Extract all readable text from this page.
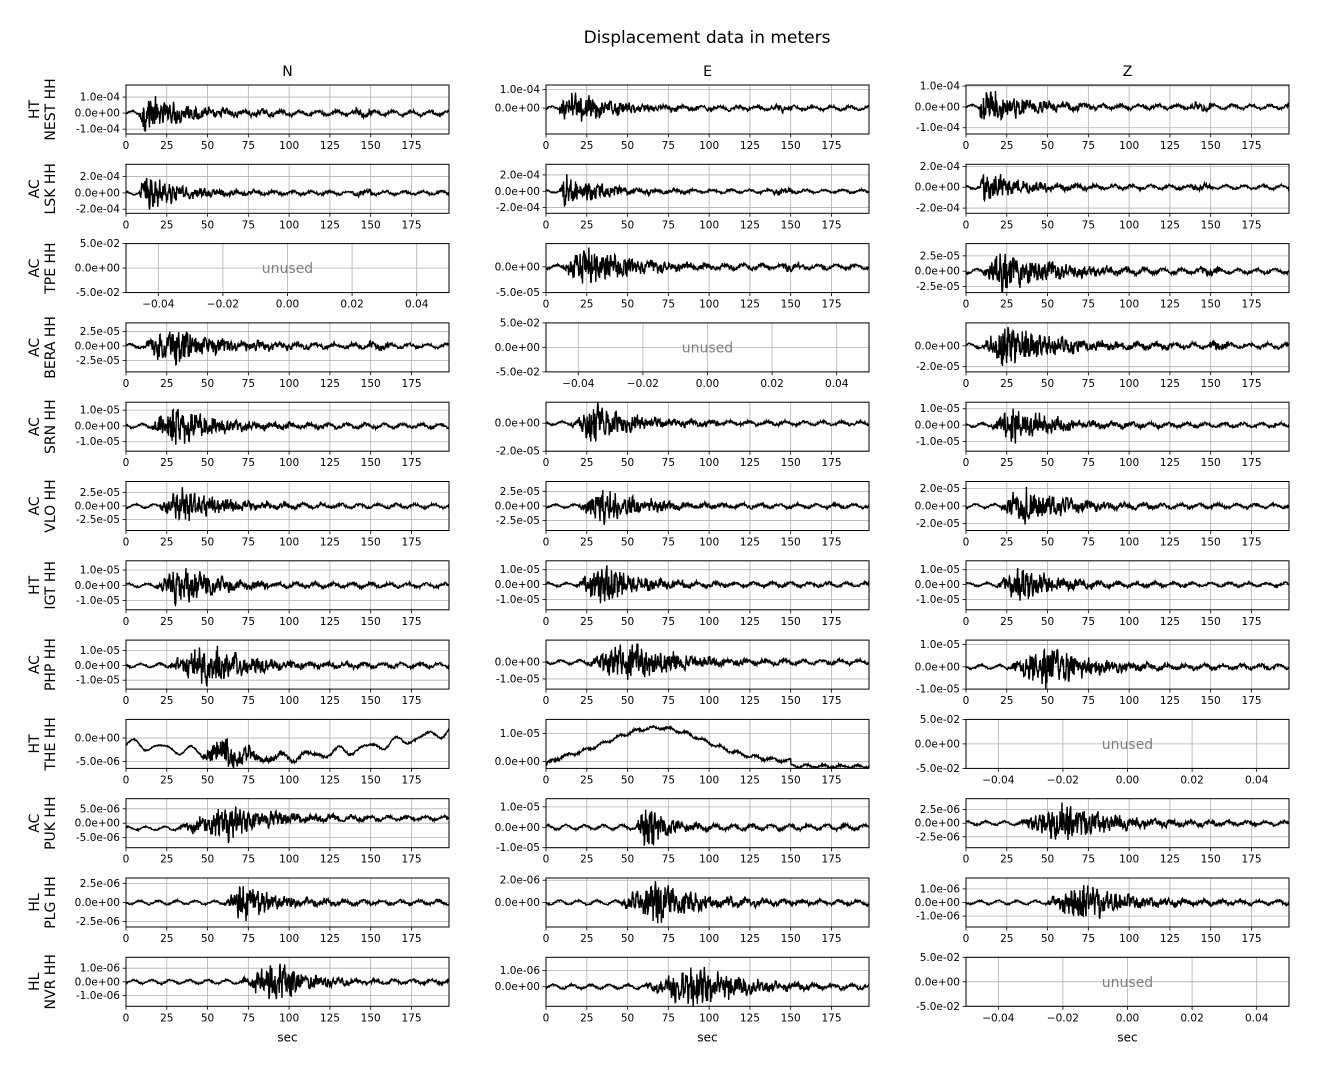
Displacement data in meters
N	E	Z
HTNEST HH
0	25	50	75 100 125 150 175
1.0e-04
0.0e+00
-1.0e-04
0	25	50	75 100 125 150 175
1.0e-04
0.0e+00
0	25	50	75 100 125 150 175
1.0e-04
0.0e+00
-1.0e-04
ACLSK HH
0	25	50	75 100 125 150 175
2.0e-04
0.0e+00
-2.0e-04
0	25	50	75 100 125 150 175
2.0e-04
0.0e+00
-2.0e-04
0	25	50	75 100 125 150 175
2.0e-04
0.0e+00
-2.0e-04
ACTPE HH
−0.04	−0.02	0.00	0.02	0.04
5.0e-02
0.0e+00
-5.0e-02
unused
0	25	50	75 100 125 150 175
0.0e+00
-5.0e-05
0	25	50	75 100 125 150 175
2.5e-05
0.0e+00
-2.5e-05
ACBERA HH
0	25	50	75 100 125 150 175
2.5e-05
0.0e+00
-2.5e-05
−0.04	−0.02	0.00	0.02	0.04
5.0e-02
0.0e+00
-5.0e-02
unused
0	25	50	75 100 125 150 175
0.0e+00
-2.0e-05
ACSRN HH
0	25	50	75 100 125 150 175
1.0e-05
0.0e+00
-1.0e-05
0	25	50	75 100 125 150 175
0.0e+00
-2.0e-05
0	25	50	75 100 125 150 175
1.0e-05
0.0e+00
-1.0e-05
ACVLO HH
0	25	50	75 100 125 150 175
2.5e-05
0.0e+00
-2.5e-05
0	25	50	75 100 125 150 175
2.5e-05
0.0e+00
-2.5e-05
0	25	50	75 100 125 150 175
2.0e-05
0.0e+00
-2.0e-05
HTIGT HH
0	25	50	75 100 125 150 175
1.0e-05
0.0e+00
-1.0e-05
0	25	50	75 100 125 150 175
1.0e-05
0.0e+00
-1.0e-05
0	25	50	75 100 125 150 175
1.0e-05
0.0e+00
-1.0e-05
ACPHP HH
0	25	50	75 100 125 150 175
1.0e-05
0.0e+00
-1.0e-05
0	25	50	75 100 125 150 175
0.0e+00
-1.0e-05
0	25	50	75 100 125 150 175
1.0e-05
0.0e+00
-1.0e-05
HTTHE HH
0	25	50	75 100 125 150 175
0.0e+00
-5.0e-06
0	25	50	75 100 125 150 175
1.0e-05
0.0e+00
−0.04	−0.02	0.00	0.02	0.04
5.0e-02
0.0e+00
-5.0e-02
unused
ACPUK HH
0	25	50	75 100 125 150 175
5.0e-06
0.0e+00
-5.0e-06
0	25	50	75 100 125 150 175
1.0e-05
0.0e+00
-1.0e-05
0	25	50	75 100 125 150 175
2.5e-06
0.0e+00
-2.5e-06
HLPLG HH
0	25	50	75 100 125 150 175
2.5e-06
0.0e+00
-2.5e-06
0	25	50	75 100 125 150 175
2.0e-06
0.0e+00
0	25	50	75 100 125 150 175
1.0e-06
0.0e+00
-1.0e-06
HLNVR HH
0	25	50	75 100 125 150 175
1.0e-06
0.0e+00
-1.0e-06
sec
0	25	50	75 100 125 150 175
1.0e-06
0.0e+00
sec
−0.04	−0.02	0.00	0.02	0.04
5.0e-02
0.0e+00
-5.0e-02
unused
sec
